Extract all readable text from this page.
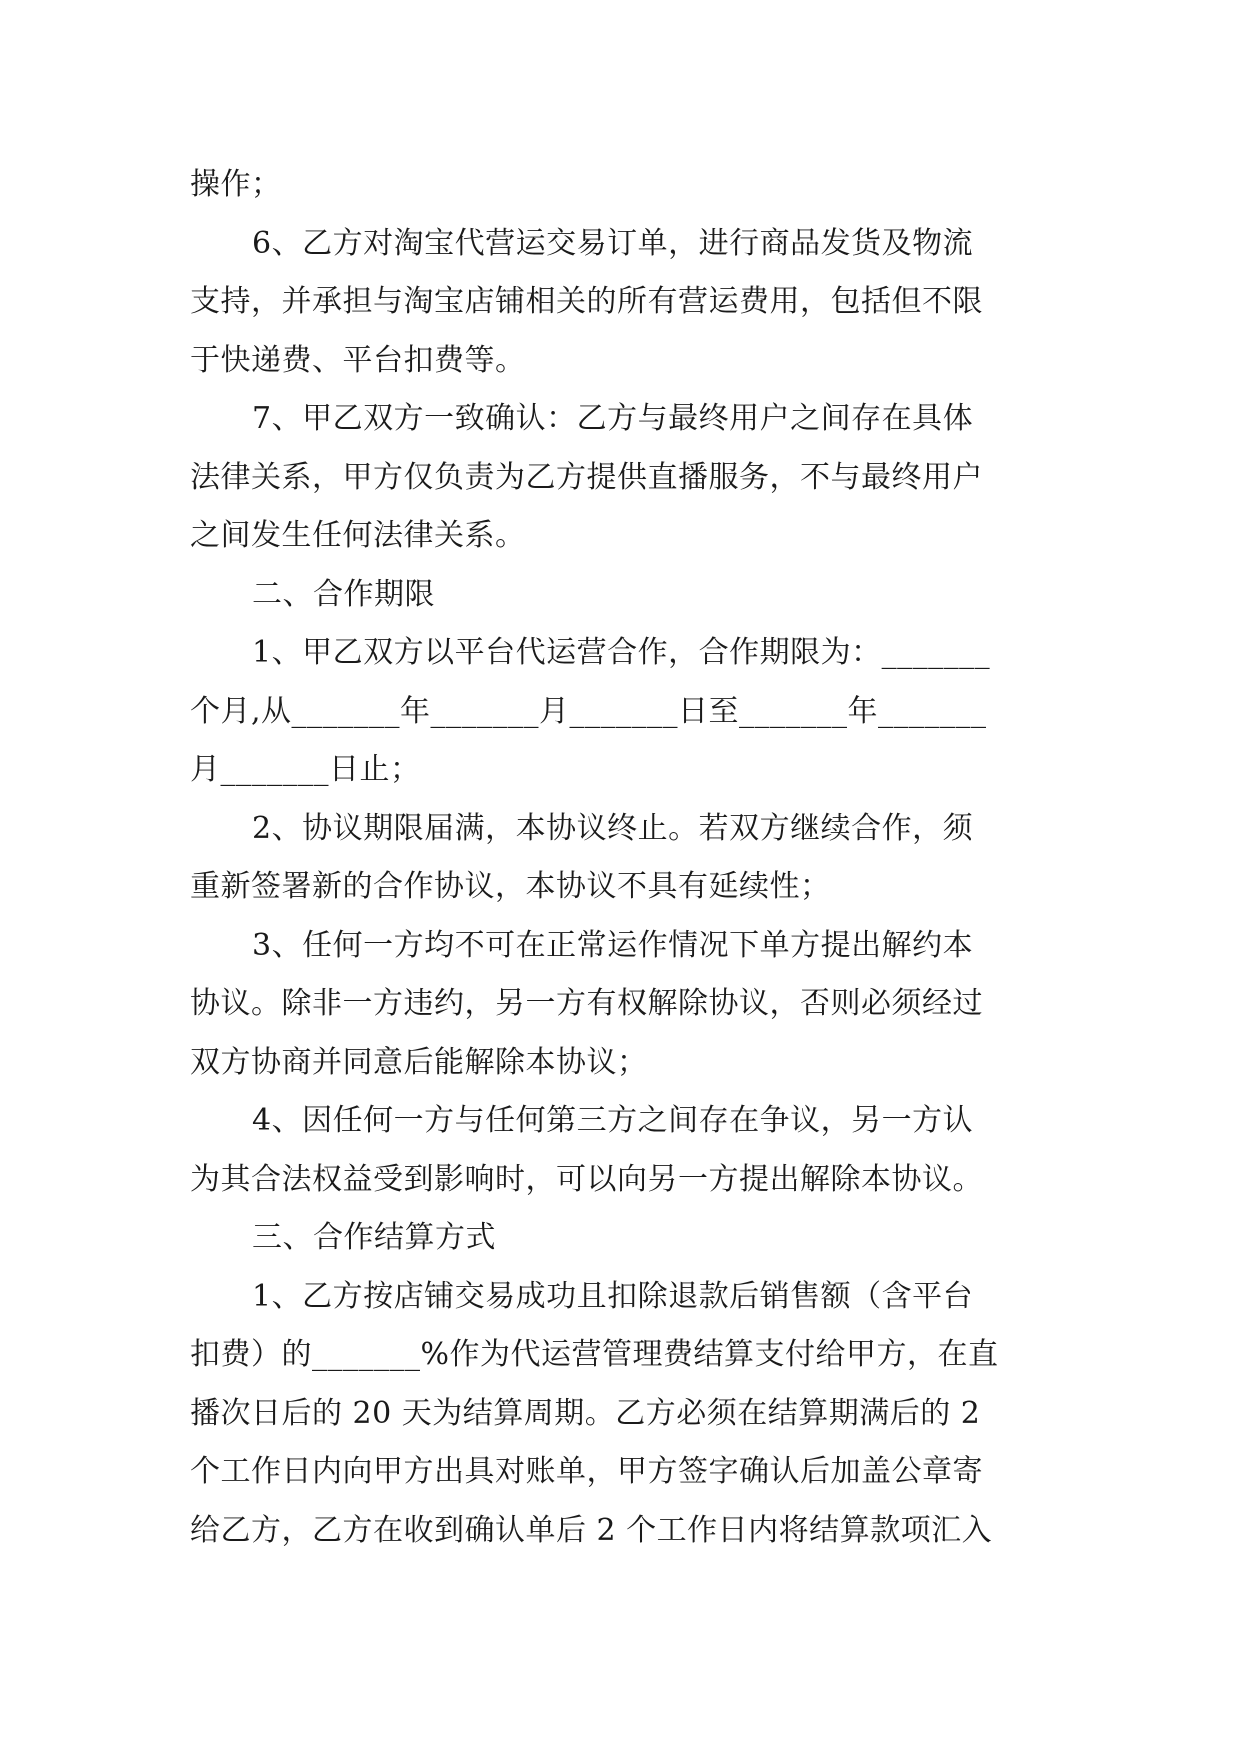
操作；
6、乙方对淘宝代营运交易订单，进行商品发货及物流
支持，并承担与淘宝店铺相关的所有营运费用，包括但不限
于快递费、平台扣费等。
7、甲乙双方一致确认：乙方与最终用户之间存在具体
法律关系，甲方仅负责为乙方提供直播服务，不与最终用户
之间发生任何法律关系。
二、合作期限
1、甲乙双方以平台代运营合作，合作期限为：_______
个月,从_______年_______月_______日至_______年_______
月_______日止；
2、协议期限届满，本协议终止。若双方继续合作，须
重新签署新的合作协议，本协议不具有延续性；
3、任何一方均不可在正常运作情况下单方提出解约本
协议。除非一方违约，另一方有权解除协议，否则必须经过
双方协商并同意后能解除本协议；
4、因任何一方与任何第三方之间存在争议，另一方认
为其合法权益受到影响时，可以向另一方提出解除本协议。
三、合作结算方式
1、乙方按店铺交易成功且扣除退款后销售额（含平台
扣费）的_______%作为代运营管理费结算支付给甲方，在直
播次日后的 20 天为结算周期。乙方必须在结算期满后的 2
个工作日内向甲方出具对账单，甲方签字确认后加盖公章寄
给乙方，乙方在收到确认单后 2 个工作日内将结算款项汇入
